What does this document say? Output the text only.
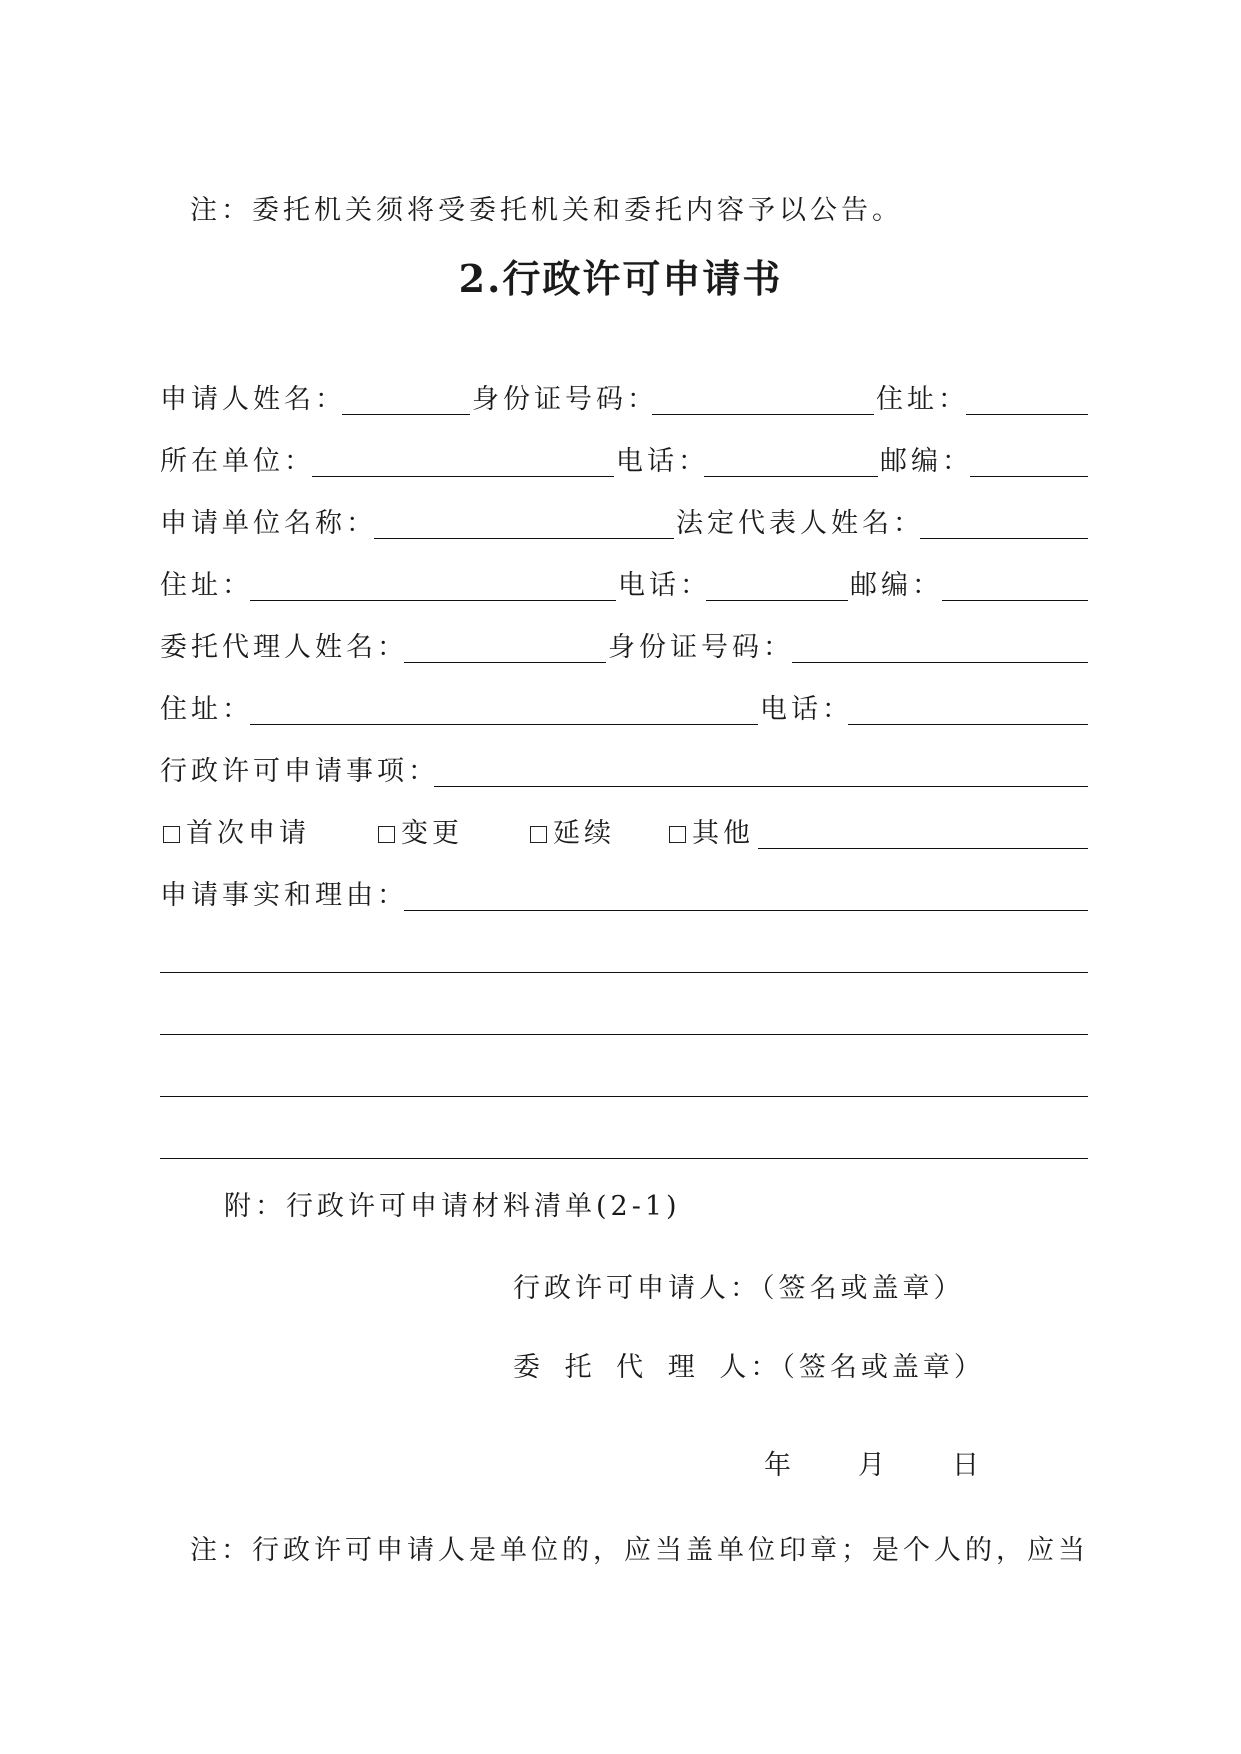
注：委托机关须将受委托机关和委托内容予以公告。
2.行政许可申请书
申请人姓名：	身份证号码：	住址：
所在单位：	电话：	邮编：
申请单位名称：	法定代表人姓名：
住址：	电话：	邮编：
委托代理人姓名：	身份证号码：
住址：	电话：
行政许可申请事项：
首次申请	变更	延续	其他
申请事实和理由：
附：行政许可申请材料清单(2-1)
行政许可申请人：（签名或盖章）
委 托 代 理 人：（签名或盖章）
年 月 日
注：行政许可申请人是单位的，应当盖单位印章；是个人的，应当
